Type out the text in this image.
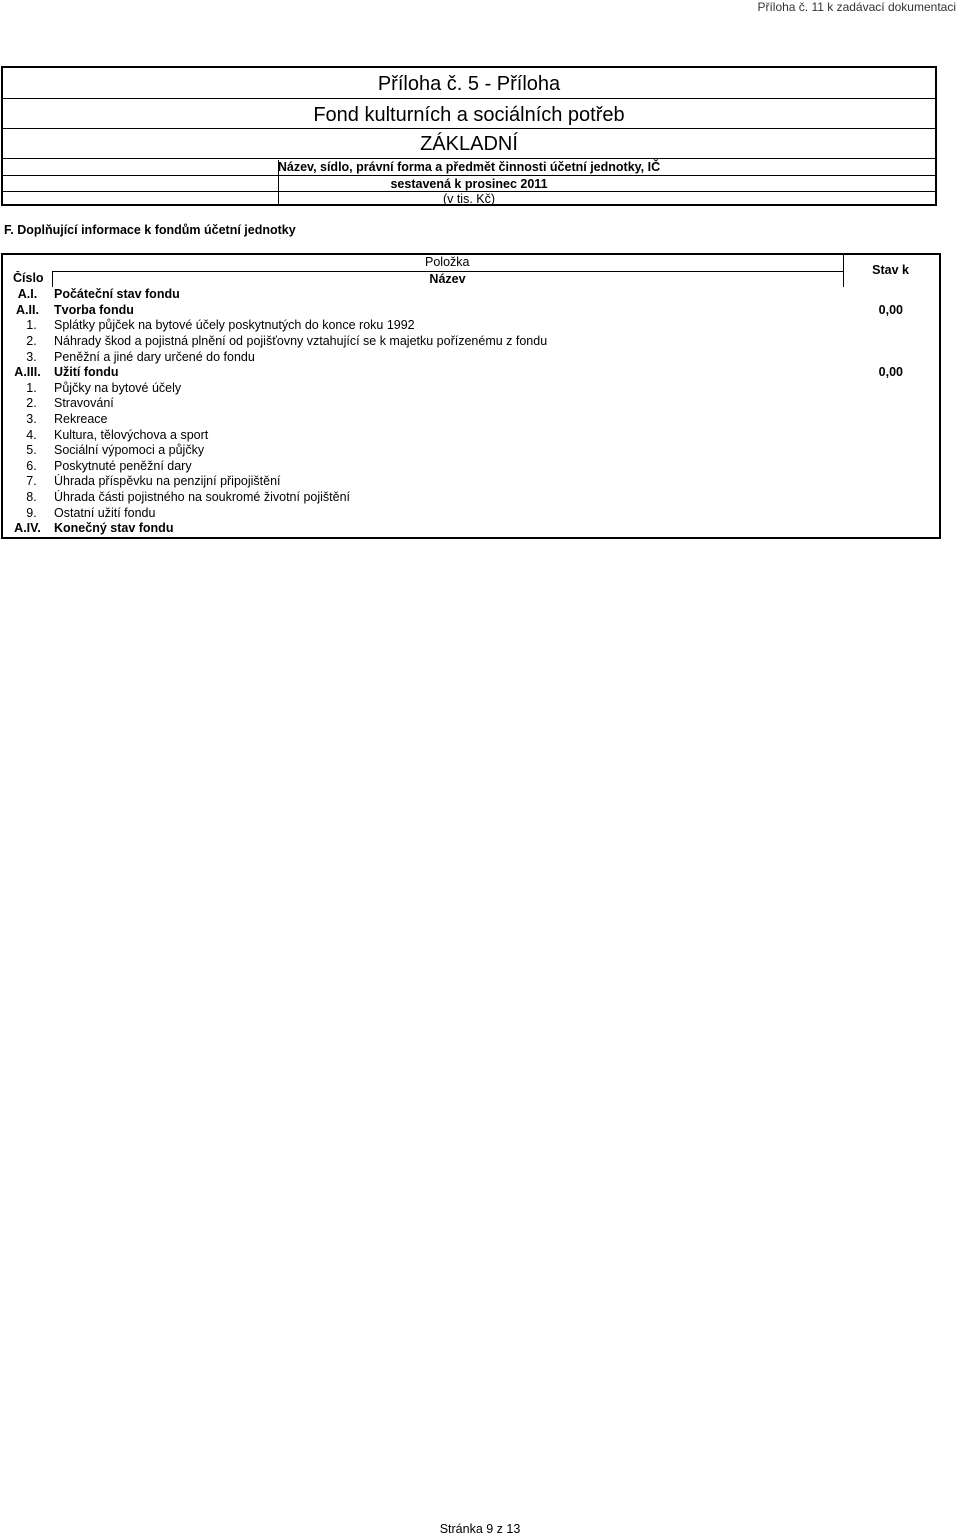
Příloha č. 11 k zadávací dokumentaci
Příloha č. 5 - Příloha
Fond kulturních a sociálních potřeb
ZÁKLADNÍ
Název, sídlo, právní forma a předmět činnosti účetní jednotky, IČ
sestavená k prosinec 2011
(v tis. Kč)
F. Doplňující informace k fondům účetní jednotky
	Položka	Stav k
Číslo	Název	
A.I.	Počáteční stav fondu	
A.II.	Tvorba fondu	0,00
1.	Splátky půjček na bytové účely poskytnutých do konce roku 1992	
2.	Náhrady škod a pojistná plnění od pojišťovny vztahující se k majetku pořízenému z fondu	
3.	Peněžní a jiné dary určené do fondu	
A.III.	Užití fondu	0,00
1.	Půjčky na bytové účely	
2.	Stravování	
3.	Rekreace	
4.	Kultura, tělovýchova a sport	
5.	Sociální výpomoci a půjčky	
6.	Poskytnuté peněžní dary	
7.	Úhrada příspěvku na penzijní připojištění	
8.	Úhrada části pojistného na soukromé životní pojištění	
9.	Ostatní užití fondu	
A.IV.	Konečný stav fondu	
Stránka 9 z 13
